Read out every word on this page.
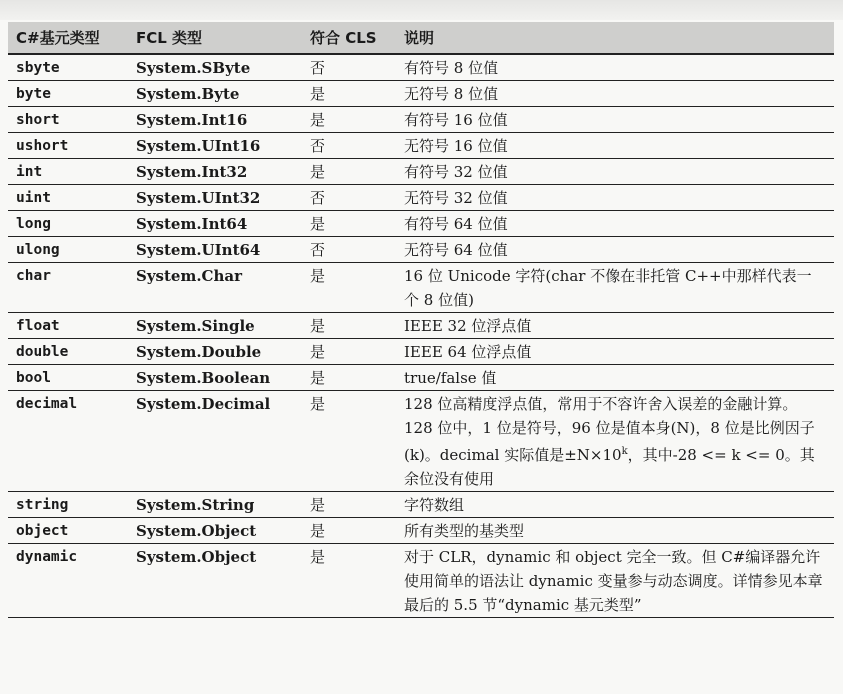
C#基元类型	FCL 类型	符合 CLS	说明
sbyte	System.SByte	否	有符号 8 位值
byte	System.Byte	是	无符号 8 位值
short	System.Int16	是	有符号 16 位值
ushort	System.UInt16	否	无符号 16 位值
int	System.Int32	是	有符号 32 位值
uint	System.UInt32	否	无符号 32 位值
long	System.Int64	是	有符号 64 位值
ulong	System.UInt64	否	无符号 64 位值
char	System.Char	是	16 位 Unicode 字符(char 不像在非托管 C++中那样代表一个 8 位值)
float	System.Single	是	IEEE 32 位浮点值
double	System.Double	是	IEEE 64 位浮点值
bool	System.Boolean	是	true/false 值
decimal	System.Decimal	是	128 位高精度浮点值，常用于不容许舍入误差的金融计算。128 位中，1 位是符号，96 位是值本身(N)，8 位是比例因子(k)。decimal 实际值是$\pm N\times 10^k$，其中-28 <= k <= 0。其余位没有使用
string	System.String	是	字符数组
object	System.Object	是	所有类型的基类型
dynamic	System.Object	是	对于 CLR，dynamic 和 object 完全一致。但 C#编译器允许使用简单的语法让 dynamic 变量参与动态调度。详情参见本章最后的 5.5 节“dynamic 基元类型”
